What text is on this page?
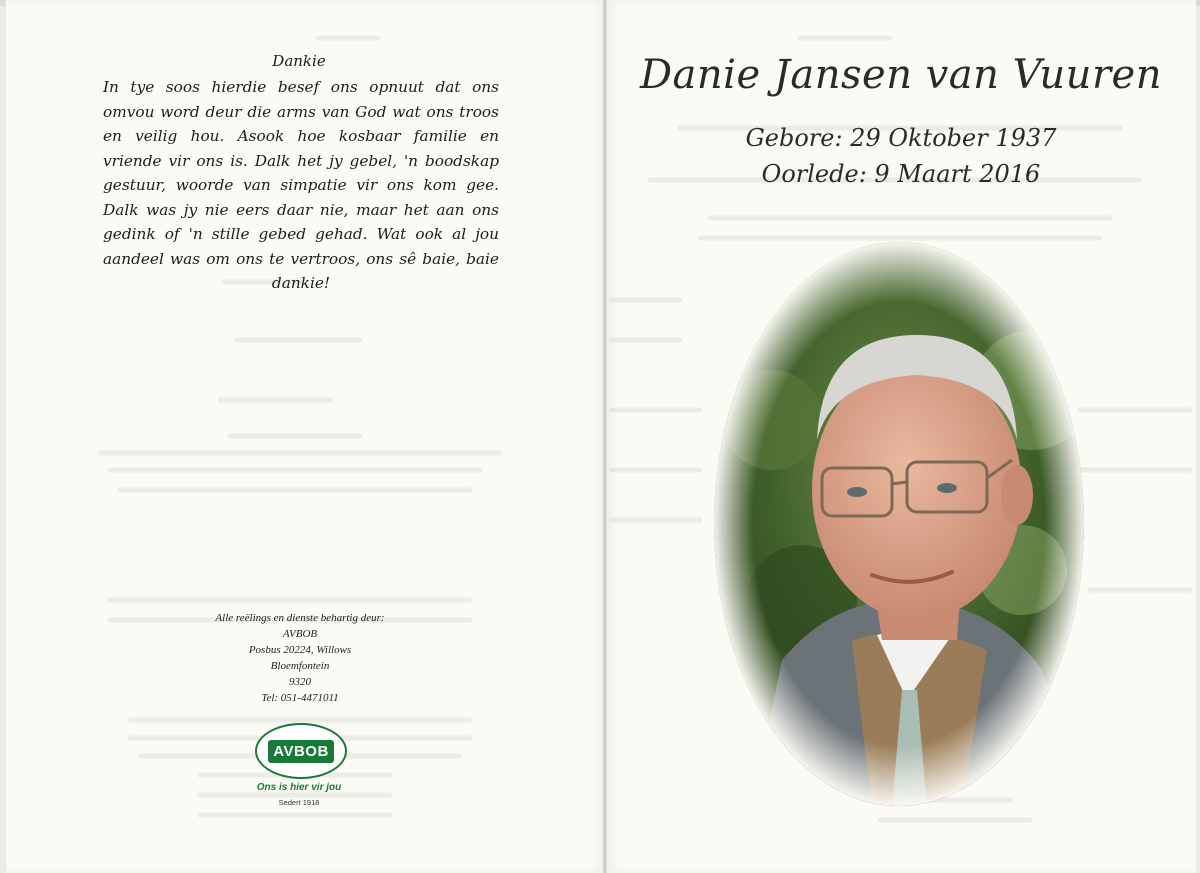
Dankie
In tye soos hierdie besef ons opnuut dat ons omvou word deur die arms van God wat ons troos en veilig hou. Asook hoe kosbaar familie en vriende vir ons is. Dalk het jy gebel, 'n boodskap gestuur, woorde van simpatie vir ons kom gee. Dalk was jy nie eers daar nie, maar het aan ons gedink of 'n stille gebed gehad. Wat ook al jou aandeel was om ons te vertroos, ons sê baie, baie dankie!
Alle reëlings en dienste behartig deur:
AVBOB
Posbus 20224, Willows
Bloemfontein
9320
Tel: 051-4471011
AVBOB
Ons is hier vir jou
Sedert 1918
Danie Jansen van Vuuren
Gebore: 29 Oktober 1937
Oorlede: 9 Maart 2016
